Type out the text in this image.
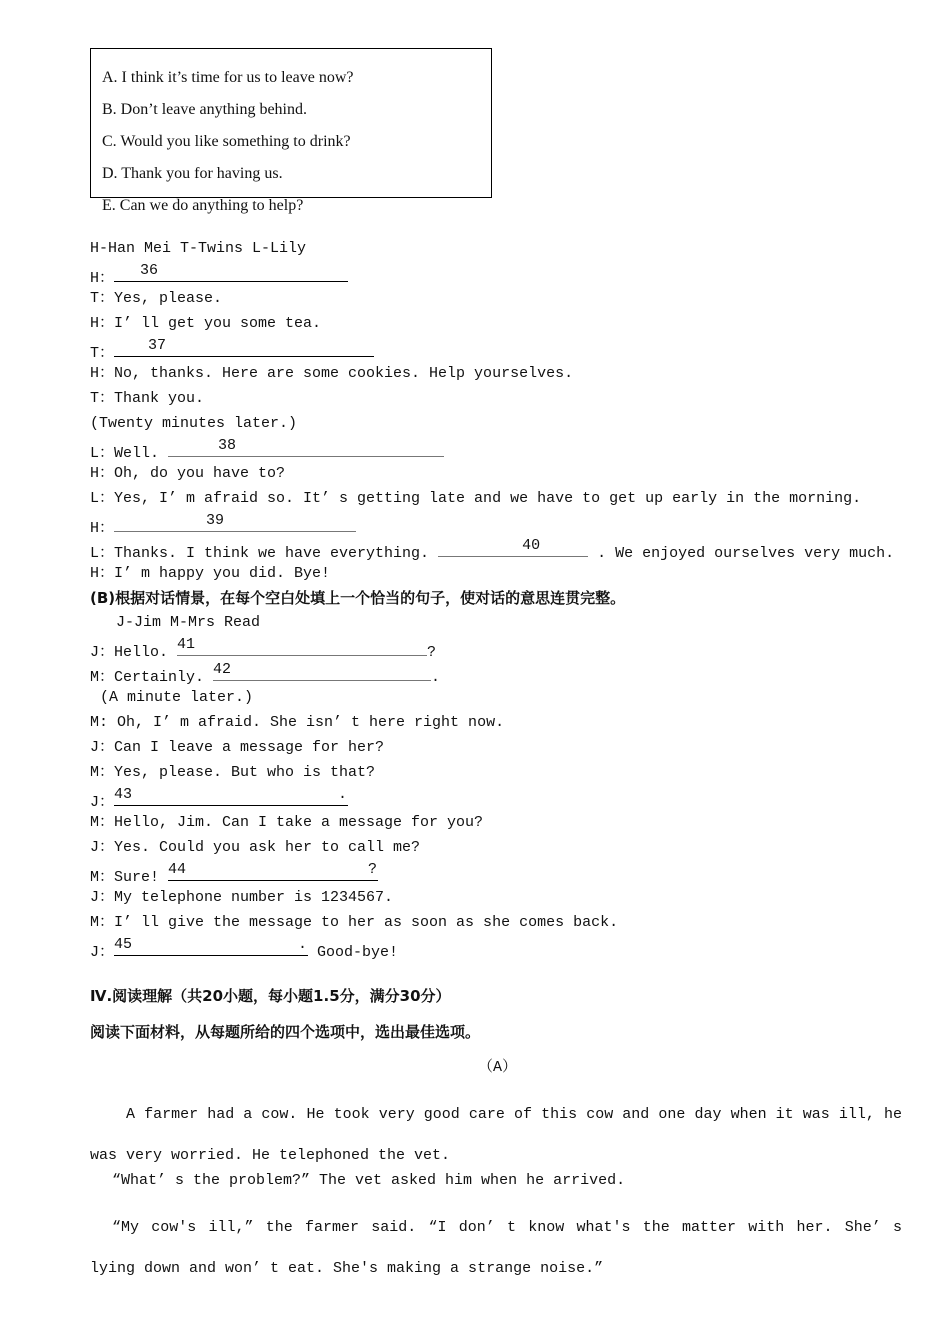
A. I think it’s time for us to leave now?
B. Don’t leave anything behind.
C. Would you like something to drink?
D. Thank you for having us.
E. Can we do anything to help?
H-Han Mei T-Twins L-Lily
H： 36
T：Yes, please.
H：I’ ll get you some tea.
T： 37
H：No, thanks. Here are some cookies. Help yourselves.
T：Thank you.
(Twenty minutes later.)
L：Well.	38
H：Oh, do you have to?
L：Yes, I’ m afraid so. It’ s getting late and we have to get up early in the morning.
H：	39
L：Thanks. I think we have everything.	40	. We enjoyed ourselves very much.
H：I’ m happy you did. Bye!
(B)根据对话情景，在每个空白处填上一个恰当的句子，使对话的意思连贯完整。
J-Jim M-Mrs Read
J：Hello. 41	?
M：Certainly. 42	.
(A minute later.)
M: Oh, I’ m afraid. She isn’ t here right now.
J：Can I leave a message for her?
M：Yes, please. But who is that?
J： 43	.
M：Hello, Jim. Can I take a message for you?
J：Yes. Could you ask her to call me?
M：Sure! 44	?
J：My telephone number is 1234567.
M：I’ ll give the message to her as soon as she comes back.
J： 45	. Good-bye!
Ⅳ.阅读理解（共20小题，每小题1.5分，满分30分）
阅读下面材料，从每题所给的四个选项中，选出最佳选项。
（A）
A farmer had a cow. He took very good care of this cow and one day when it was ill, he was very worried. He telephoned the vet.
“What’ s the problem?” The vet asked him when he arrived.
“My cow's ill,” the farmer said. “I don’ t know what's the matter with her. She’ s lying down and won’ t eat. She's making a strange noise.”
